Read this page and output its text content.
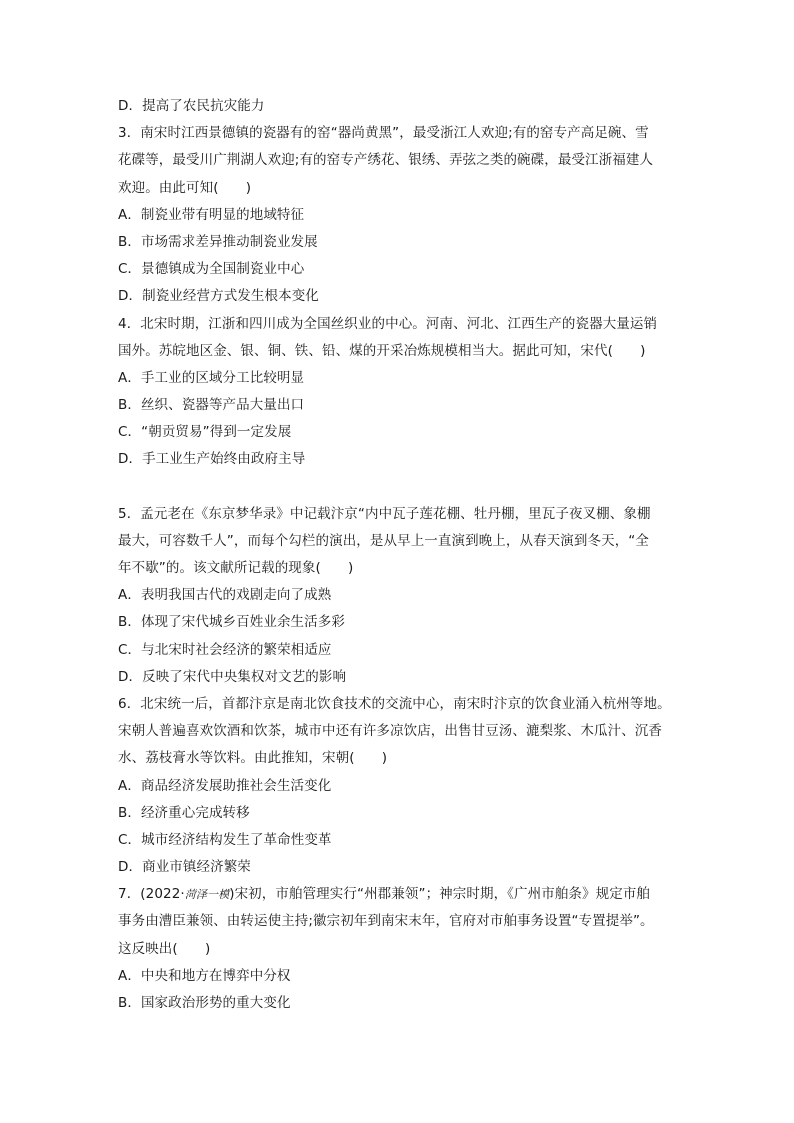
D．提高了农民抗灾能力
3．南宋时江西景德镇的瓷器有的窑“器尚黄黑”，最受浙江人欢迎;有的窑专产高足碗、雪
花碟等，最受川广荆湖人欢迎;有的窑专产绣花、银绣、弄弦之类的碗碟，最受江浙福建人
欢迎。由此可知(　　)
A．制瓷业带有明显的地域特征
B．市场需求差异推动制瓷业发展
C．景德镇成为全国制瓷业中心
D．制瓷业经营方式发生根本变化
4．北宋时期，江浙和四川成为全国丝织业的中心。河南、河北、江西生产的瓷器大量运销
国外。苏皖地区金、银、铜、铁、铅、煤的开采冶炼规模相当大。据此可知，宋代(　　)
A．手工业的区域分工比较明显
B．丝织、瓷器等产品大量出口
C．“朝贡贸易”得到一定发展
D．手工业生产始终由政府主导
5．孟元老在《东京梦华录》中记载汴京“内中瓦子莲花棚、牡丹棚，里瓦子夜叉棚、象棚
最大，可容数千人”，而每个勾栏的演出，是从早上一直演到晚上，从春天演到冬天，“全
年不歇”的。该文献所记载的现象(　　)
A．表明我国古代的戏剧走向了成熟
B．体现了宋代城乡百姓业余生活多彩
C．与北宋时社会经济的繁荣相适应
D．反映了宋代中央集权对文艺的影响
6．北宋统一后，首都汴京是南北饮食技术的交流中心，南宋时汴京的饮食业涌入杭州等地。
宋朝人普遍喜欢饮酒和饮茶，城市中还有许多凉饮店，出售甘豆汤、漉梨浆、木瓜汁、沉香
水、荔枝膏水等饮料。由此推知，宋朝(　　)
A．商品经济发展助推社会生活变化
B．经济重心完成转移
C．城市经济结构发生了革命性变革
D．商业市镇经济繁荣
7．(2022·菏泽一模)宋初，市舶管理实行“州郡兼领”；神宗时期，《广州市舶条》规定市舶
事务由漕臣兼领、由转运使主持;徽宗初年到南宋末年，官府对市舶事务设置“专置提举”。
这反映出(　　)
A．中央和地方在博弈中分权
B．国家政治形势的重大变化
